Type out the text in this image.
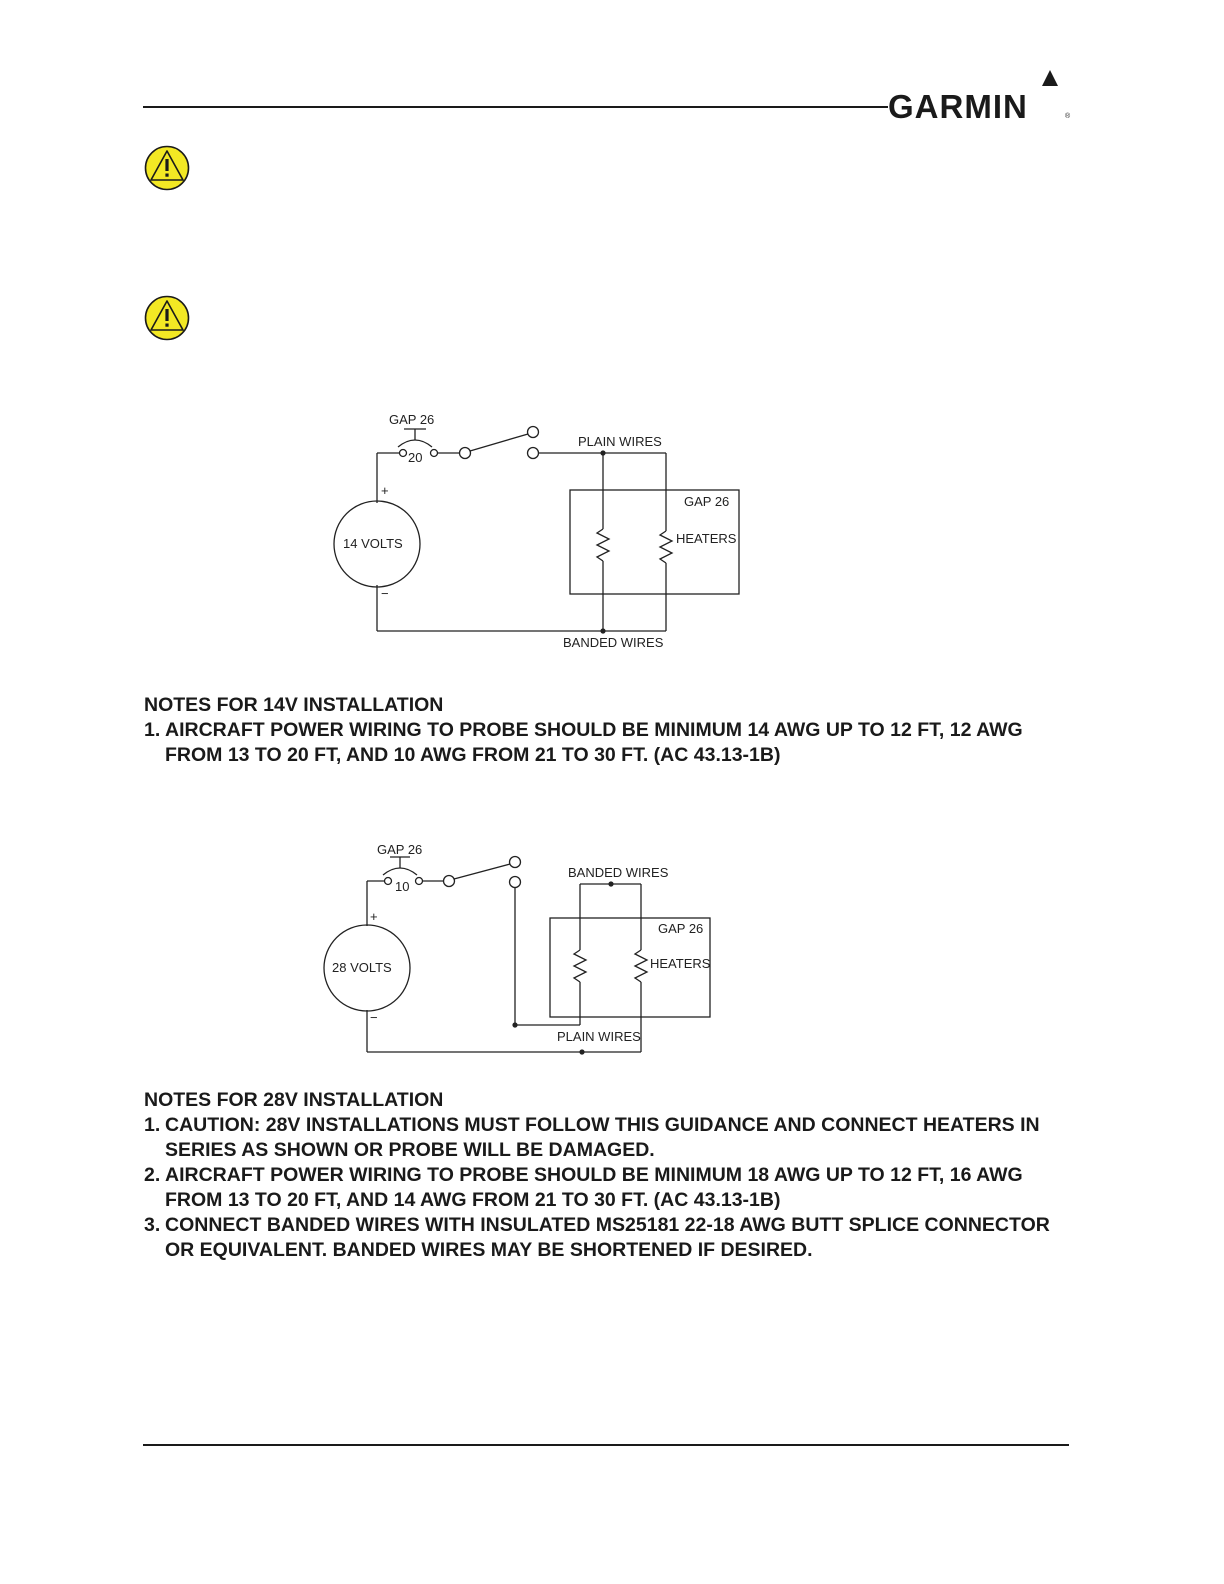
GARMIN	®
GAP 26
20
14 VOLTS
+
−
PLAIN WIRES
BANDED WIRES
GAP 26
HEATERS

NOTES FOR 14V INSTALLATION

1. AIRCRAFT POWER WIRING TO PROBE SHOULD BE MINIMUM 14 AWG UP TO 12 FT, 12 AWG FROM 13 TO 20 FT, AND 10 AWG FROM 21 TO 30 FT. (AC 43.13-1B)
GAP 26
10
28 VOLTS
+
−
BANDED WIRES
PLAIN WIRES
GAP 26
HEATERS

NOTES FOR 28V INSTALLATION

1. CAUTION: 28V INSTALLATIONS MUST FOLLOW THIS GUIDANCE AND CONNECT HEATERS IN SERIES AS SHOWN OR PROBE WILL BE DAMAGED.
2. AIRCRAFT POWER WIRING TO PROBE SHOULD BE MINIMUM 18 AWG UP TO 12 FT, 16 AWG FROM 13 TO 20 FT, AND 14 AWG FROM 21 TO 30 FT. (AC 43.13-1B)
3. CONNECT BANDED WIRES WITH INSULATED MS25181 22-18 AWG BUTT SPLICE CONNECTOR OR EQUIVALENT. BANDED WIRES MAY BE SHORTENED IF DESIRED.
